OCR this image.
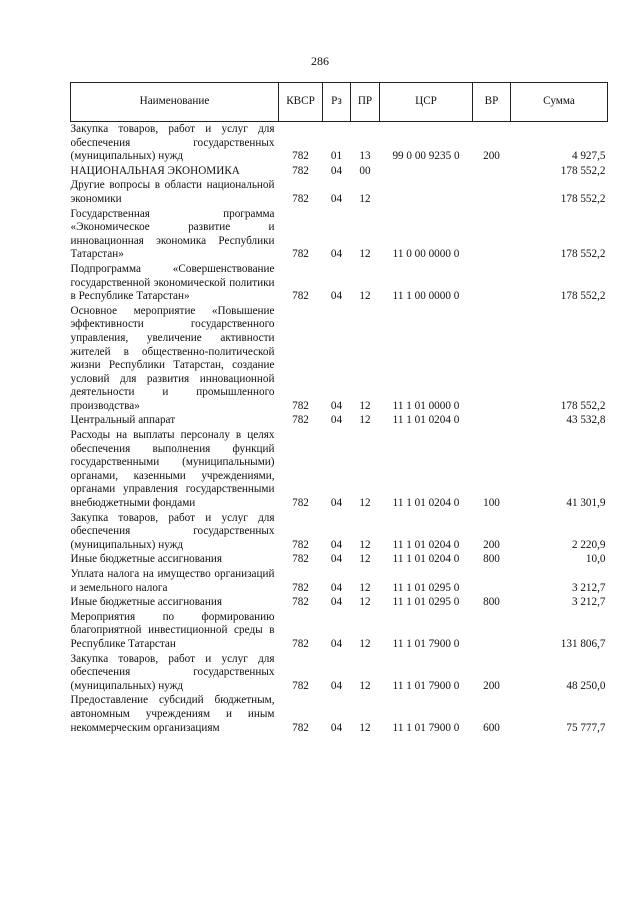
286
Наименование	КВСР	Рз	ПР	ЦСР	ВР	Сумма
Закупка товаров, работ и услуг для обеспечения государственных (муниципальных) нужд	782	01	13	99 0 00 9235 0	200	4 927,5
НАЦИОНАЛЬНАЯ ЭКОНОМИКА	782	04	00			178 552,2
Другие вопросы в области национальной экономики	782	04	12			178 552,2
Государственная программа «Экономическое развитие и инновационная экономика Республики Татарстан»	782	04	12	11 0 00 0000 0		178 552,2
Подпрограмма «Совершенствование государственной экономической политики в Республике Татарстан»	782	04	12	11 1 00 0000 0		178 552,2
Основное мероприятие «Повышение эффективности государственного управления, увеличение активности жителей в общественно-политической жизни Республики Татарстан, создание условий для развития инновационной деятельности и промышленного производства»	782	04	12	11 1 01 0000 0		178 552,2
Центральный аппарат	782	04	12	11 1 01 0204 0		43 532,8
Расходы на выплаты персоналу в целях обеспечения выполнения функций государственными (муниципальными) органами, казенными учреждениями, органами управления государственными внебюджетными фондами	782	04	12	11 1 01 0204 0	100	41 301,9
Закупка товаров, работ и услуг для обеспечения государственных (муниципальных) нужд	782	04	12	11 1 01 0204 0	200	2 220,9
Иные бюджетные ассигнования	782	04	12	11 1 01 0204 0	800	10,0
Уплата налога на имущество организаций и земельного налога	782	04	12	11 1 01 0295 0		3 212,7
Иные бюджетные ассигнования	782	04	12	11 1 01 0295 0	800	3 212,7
Мероприятия по формированию благоприятной инвестиционной среды в Республике Татарстан	782	04	12	11 1 01 7900 0		131 806,7
Закупка товаров, работ и услуг для обеспечения государственных (муниципальных) нужд	782	04	12	11 1 01 7900 0	200	48 250,0
Предоставление субсидий бюджетным, автономным учреждениям и иным некоммерческим организациям	782	04	12	11 1 01 7900 0	600	75 777,7
